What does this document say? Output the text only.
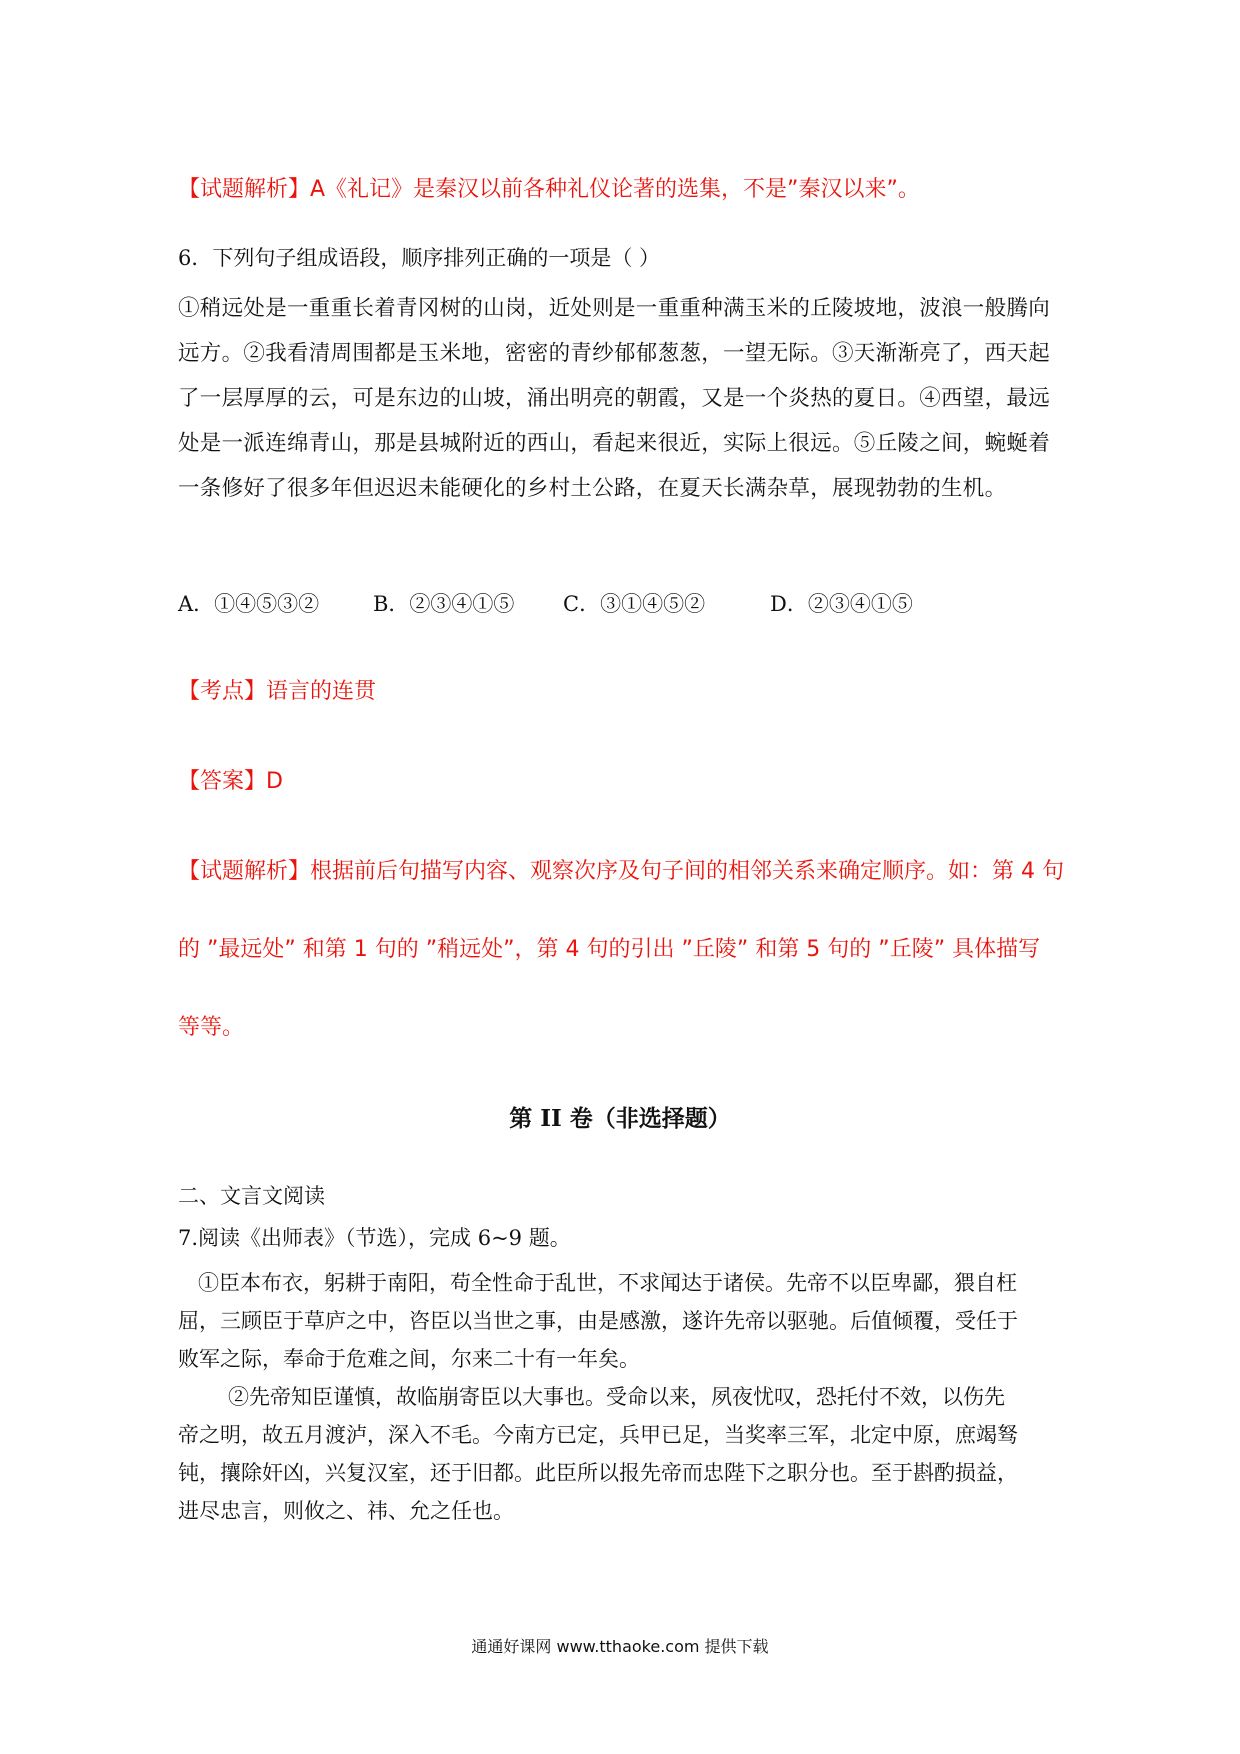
【试题解析】A《礼记》是秦汉以前各种礼仪论著的选集，不是”秦汉以来”。
6．下列句子组成语段，顺序排列正确的一项是（ ）
①稍远处是一重重长着青冈树的山岗，近处则是一重重种满玉米的丘陵坡地，波浪一般腾向
远方。②我看清周围都是玉米地，密密的青纱郁郁葱葱，一望无际。③天渐渐亮了，西天起
了一层厚厚的云，可是东边的山坡，涌出明亮的朝霞，又是一个炎热的夏日。④西望，最远
处是一派连绵青山，那是县城附近的西山，看起来很近，实际上很远。⑤丘陵之间，蜿蜒着
一条修好了很多年但迟迟未能硬化的乡村土公路，在夏天长满杂草，展现勃勃的生机。
A．①④⑤③②	B．②③④①⑤ C．③①④⑤②	D．②③④①⑤
【考点】语言的连贯
【答案】D
【试题解析】根据前后句描写内容、观察次序及句子间的相邻关系来确定顺序。如：第 4 句
的 ”最远处” 和第 1 句的 ”稍远处”，第 4 句的引出 ”丘陵” 和第 5 句的 ”丘陵” 具体描写
等等。
第 II 卷（非选择题）
二、文言文阅读
7.阅读《出师表》（节选），完成 6~9 题。
①臣本布衣，躬耕于南阳，苟全性命于乱世，不求闻达于诸侯。先帝不以臣卑鄙，猥自枉
屈，三顾臣于草庐之中，咨臣以当世之事，由是感激，遂许先帝以驱驰。后值倾覆，受任于
败军之际，奉命于危难之间，尔来二十有一年矣。
②先帝知臣谨慎，故临崩寄臣以大事也。受命以来，夙夜忧叹，恐托付不效，以伤先
帝之明，故五月渡泸，深入不毛。今南方已定，兵甲已足，当奖率三军，北定中原，庶竭驽
钝，攘除奸凶，兴复汉室，还于旧都。此臣所以报先帝而忠陛下之职分也。至于斟酌损益，
进尽忠言，则攸之、祎、允之任也。
通通好课网 www.tthaoke.com 提供下载
